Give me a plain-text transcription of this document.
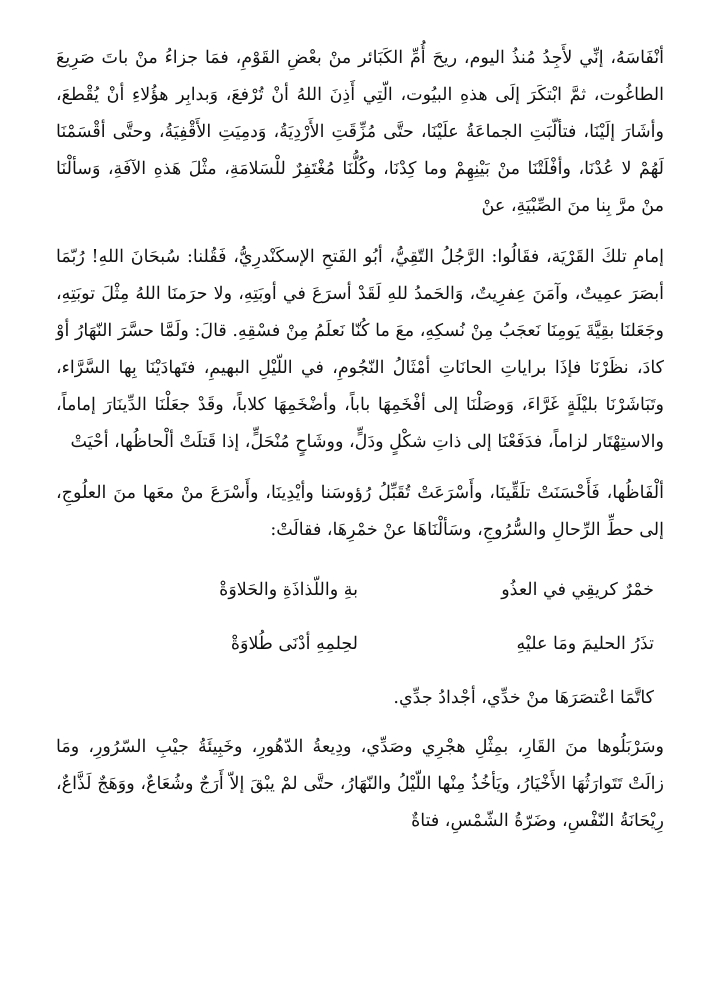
أنْفَاسَهُ، إنِّي لأَجِدُ مُنذُ اليوم، ريحَ أُمِّ الكَبَائر منْ بعْضِ القَوْمِ، فمَا جزاءُ منْ باتَ صَرِيعَ الطاغُوت، ثمَّ ابْتكَرَ إلَى هذهِ البيُوت، الّتِي أَذِنَ اللهُ أنْ تُرْفعَ، وَبدابِر هؤُلاءِ أنْ يُقْطعَ، وأشَارَ إلَيْنَا، فتألّبَتِ الجماعَةُ علَيْنَا، حتَّى مُزِّقَتِ الأَرْدِيَةُ، وَدمِيَتِ الأَقْفِيَةُ، وحتَّى أقْسَمْنَا لَهُمْ لا عُدْنَا، وأفْلَتْنَا منْ بَيْنِهِمْ وما كِدْنَا، وكُلُّنَا مُغْتَفِرٌ للْسَلامَةِ، مثْلَ هَذهِ الآفَةِ، وَسألْنَا منْ مرَّ بِنا منَ الصِّبْيَةِ، عنْ

إمامِ تلكَ القَرْيَة، فقَالُوا: الرَّجُلُ التّقِيُّ، أبُو الفَتحِ الإسكَنْدرِيُّ، فَقُلنا: سُبحَانَ اللهِ! رُبّمَا أبصَرَ عمِيتٌ، وآمَنَ عِفرِيتٌ، وَالحَمدُ للهِ لَقَدْ أسرَعَ في أوبَتِهِ، ولا حرَمنَا اللهُ مِثْلَ توبَتِهِ، وجَعَلنَا بقِيَّةَ يَومِنَا نَعجَبُ مِنْ نُسكِهِ، معَ ما كُنّا نَعلَمُ مِنْ فسْقِهِ. قالَ: ولَمَّا حسَّرَ النّهَارُ أوْ كادَ، نظَرْنَا فإذَا براياتِ الحانَاتِ أمْثَالُ النّجُومِ، في اللّيْلِ البهيمِ، فتَهادَيْنَا بِها السَّرَّاء، وتَبَاشَرْنَا بليْلَةٍ غَرَّاءَ، وَوصَلْنَا إلى أفْخَمِهَا باباً، وأضْخَمِهَا كلاباً، وقَدْ جعَلْنَا الدِّينَارَ إماماً، والاستِهْتَار لزاماً، فدَفَعْنَا إلى ذاتِ شكْلٍ ودَلٍّ، ووشَاحٍ مُنْحَلٍّ، إذا قَتلَتْ ألْحاظُها، أحْيَتْ

ألْفَاظُها، فَأَحْسَنَتْ تلَقِّينَا، وأَسْرَعَتْ تُقَبِّلُ رُؤوسَنا وأيْدِينَا، وأَسْرَعَ منْ معَها منَ العلُوجِ، إلى حطِّ الرِّحالِ والسُّرُوجِ، وسَألْنَاهَا عنْ خمْرِهَا، فقالَتْ:

خمْرٌ كريقِي في العذُو
بةِ واللّذاذَةِ والحَلاوَةْ
تذَرُ الحليمَ ومَا عليْهِ
لحِلمِهِ أدْنَى طُلاوَةْ
كاتَّمَا اعْتصَرَهَا منْ خدِّي، أجْدادُ جدِّي.

وسَرْبَلُوها منَ القَارِ، بمِثْلِ هجْرِي وصَدِّي، ودِيعةُ الدّهُورِ، وخَبِيئَةُ جيْبِ السّرُورِ، ومَا زالَتْ تَتَوارَثُهَا الأَخْيَارُ، ويَأخُذُ مِنْها اللّيْلُ والنّهَارُ، حتَّى لمْ يبْقَ إلاّ أَرَجٌ وشُعَاعٌ، ووَهَجٌ لَذَّاعٌ، رِيْحَانَةُ النّفْسِ، وضَرّةُ الشّمْسِ، فتاةٌ
